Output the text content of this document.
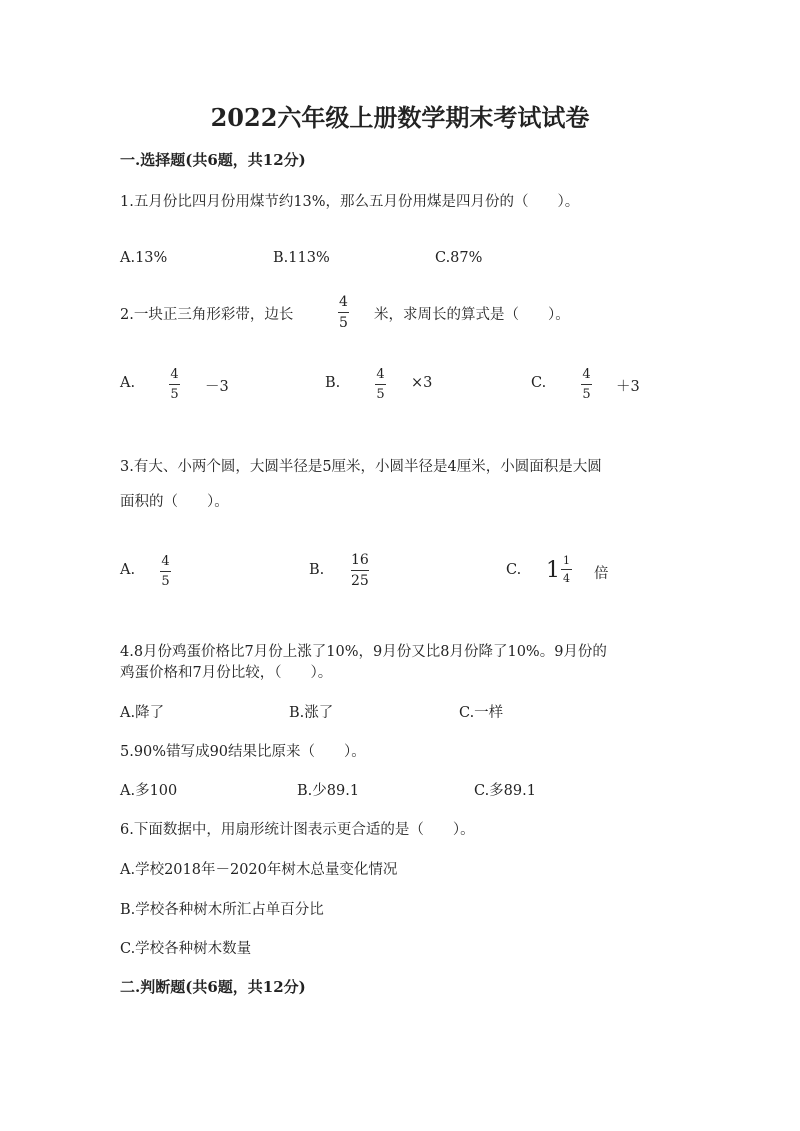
2022六年级上册数学期末考试试卷
一.选择题(共6题，共12分)
1.五月份比四月份用煤节约13%，那么五月份用煤是四月份的（　　）。
A.13%	B.113%	C.87%
2.一块正三角形彩带，边长
4
5 米，求周长的算式是（　　）。
A.
4
5 －3	B.
4
5
×3	C.
4
5 ＋3
3.有大、小两个圆，大圆半径是5厘米，小圆半径是4厘米，小圆面积是大圆
面积的（　　）。
A.
4
5
B.
16
25
C. $1 \frac{1}{4}$ 倍
4.8月份鸡蛋价格比7月份上涨了10%，9月份又比8月份降了10%。9月份的
鸡蛋价格和7月份比较，（　　）。
A.降了	B.涨了	C.一样
5.90%错写成90结果比原来（　　）。
A.多100	B.少89.1	C.多89.1
6.下面数据中，用扇形统计图表示更合适的是（　　）。
A.学校2018年－2020年树木总量变化情况
B.学校各种树木所汇占单百分比
C.学校各种树木数量
二.判断题(共6题，共12分)
